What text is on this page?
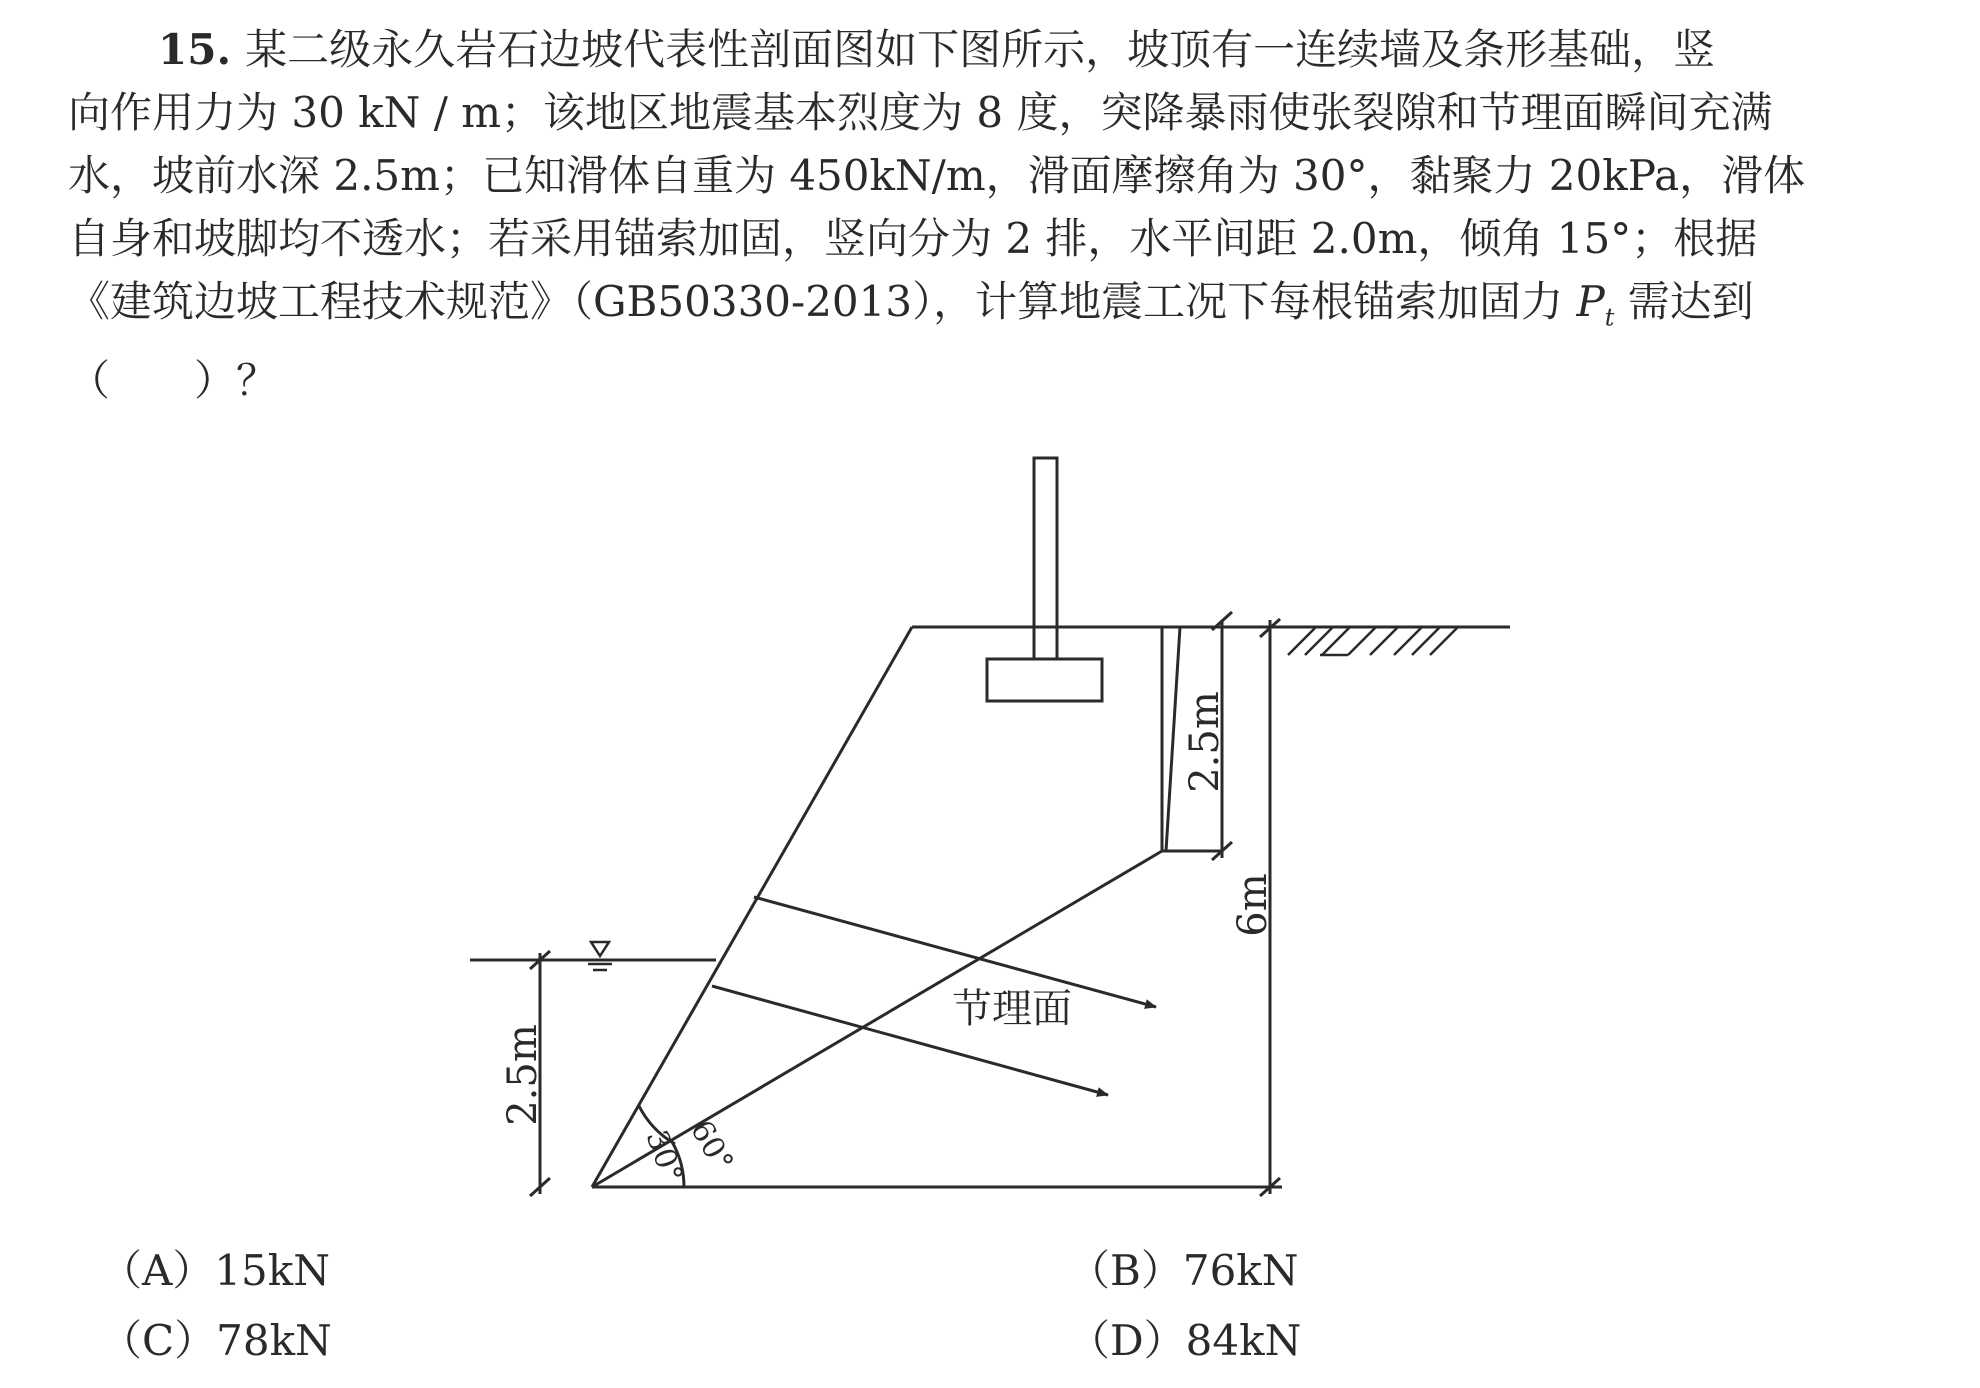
15. 某二级永久岩石边坡代表性剖面图如下图所示，坡顶有一连续墙及条形基础，竖
向作用力为 30 kN / m；该地区地震基本烈度为 8 度，突降暴雨使张裂隙和节理面瞬间充满
水，坡前水深 2.5m；已知滑体自重为 450kN/m，滑面摩擦角为 30°，黏聚力 20kPa，滑体
自身和坡脚均不透水；若采用锚索加固，竖向分为 2 排，水平间距 2.0m，倾角 15°；根据
《建筑边坡工程技术规范》（GB50330-2013），计算地震工况下每根锚索加固力 $P_t$ 需达到
（　　）？
2.5m
6m
2.5m
节理面
60°
30°
（A）15kN	（B）76kN
（C）78kN	（D）84kN
